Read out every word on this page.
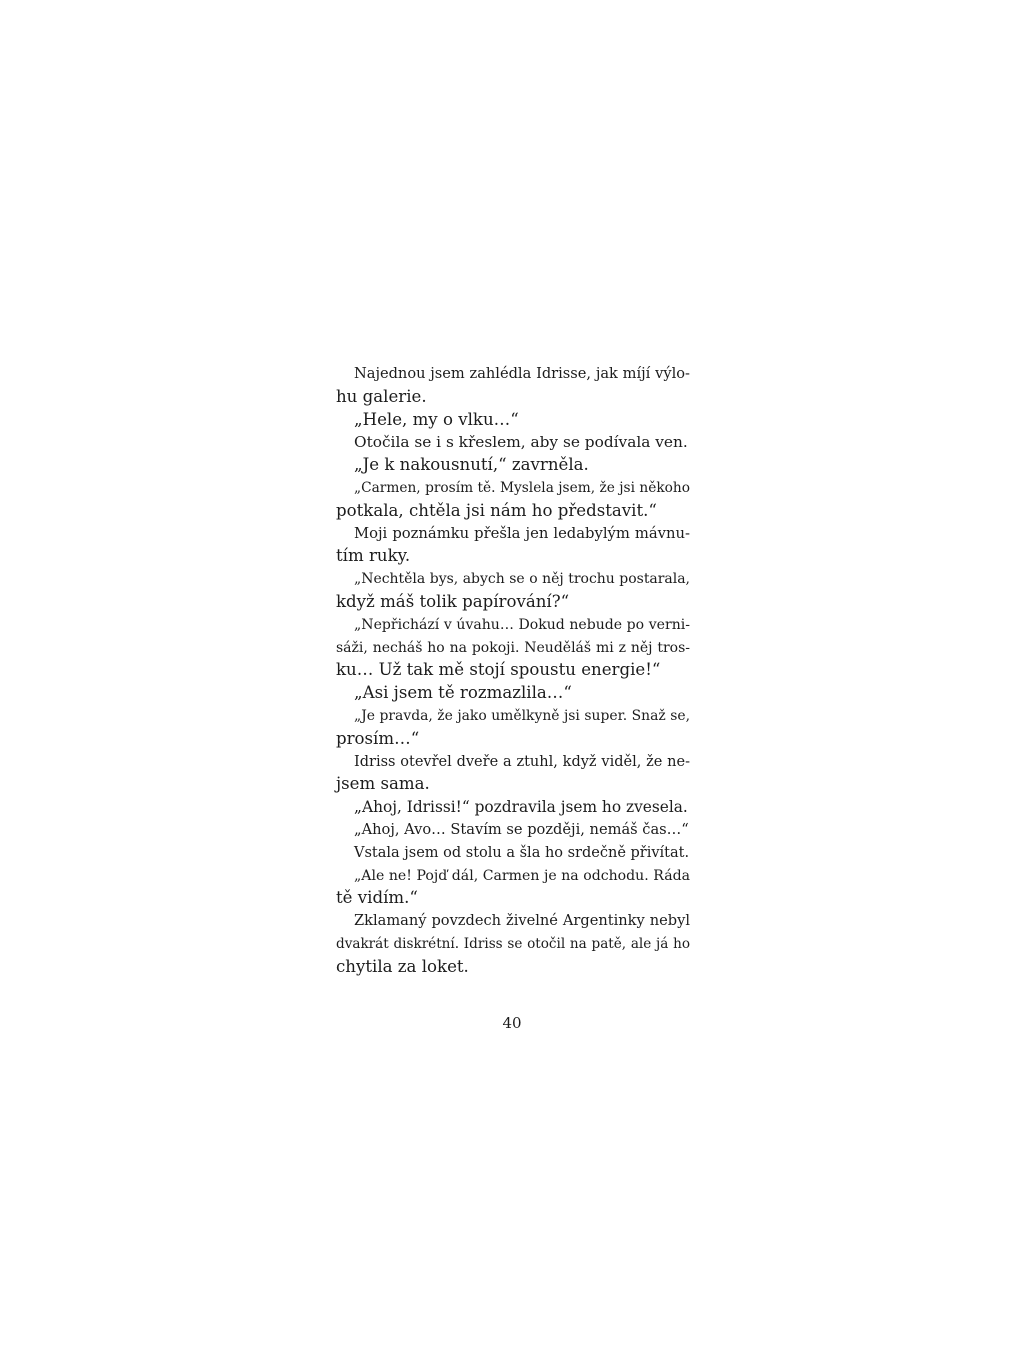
Najednou jsem zahlédla Idrisse, jak míjí výlo-
hu galerie.
„Hele, my o vlku…“
Otočila se i s křeslem, aby se podívala ven.
„Je k nakousnutí,“ zavrněla.
„Carmen, prosím tě. Myslela jsem, že jsi někoho
potkala, chtěla jsi nám ho představit.“
Moji poznámku přešla jen ledabylým mávnu-
tím ruky.
„Nechtěla bys, abych se o něj trochu postarala,
když máš tolik papírování?“
„Nepřichází v úvahu… Dokud nebude po verni-
sáži, necháš ho na pokoji. Neuděláš mi z něj tros-
ku… Už tak mě stojí spoustu energie!“
„Asi jsem tě rozmazlila…“
„Je pravda, že jako umělkyně jsi super. Snaž se,
prosím…“
Idriss otevřel dveře a ztuhl, když viděl, že ne-
jsem sama.
„Ahoj, Idrissi!“ pozdravila jsem ho zvesela.
„Ahoj, Avo… Stavím se později, nemáš čas…“
Vstala jsem od stolu a šla ho srdečně přivítat.
„Ale ne! Pojď dál, Carmen je na odchodu. Ráda
tě vidím.“
Zklamaný povzdech živelné Argentinky nebyl
dvakrát diskrétní. Idriss se otočil na patě, ale já ho
chytila za loket.
40
